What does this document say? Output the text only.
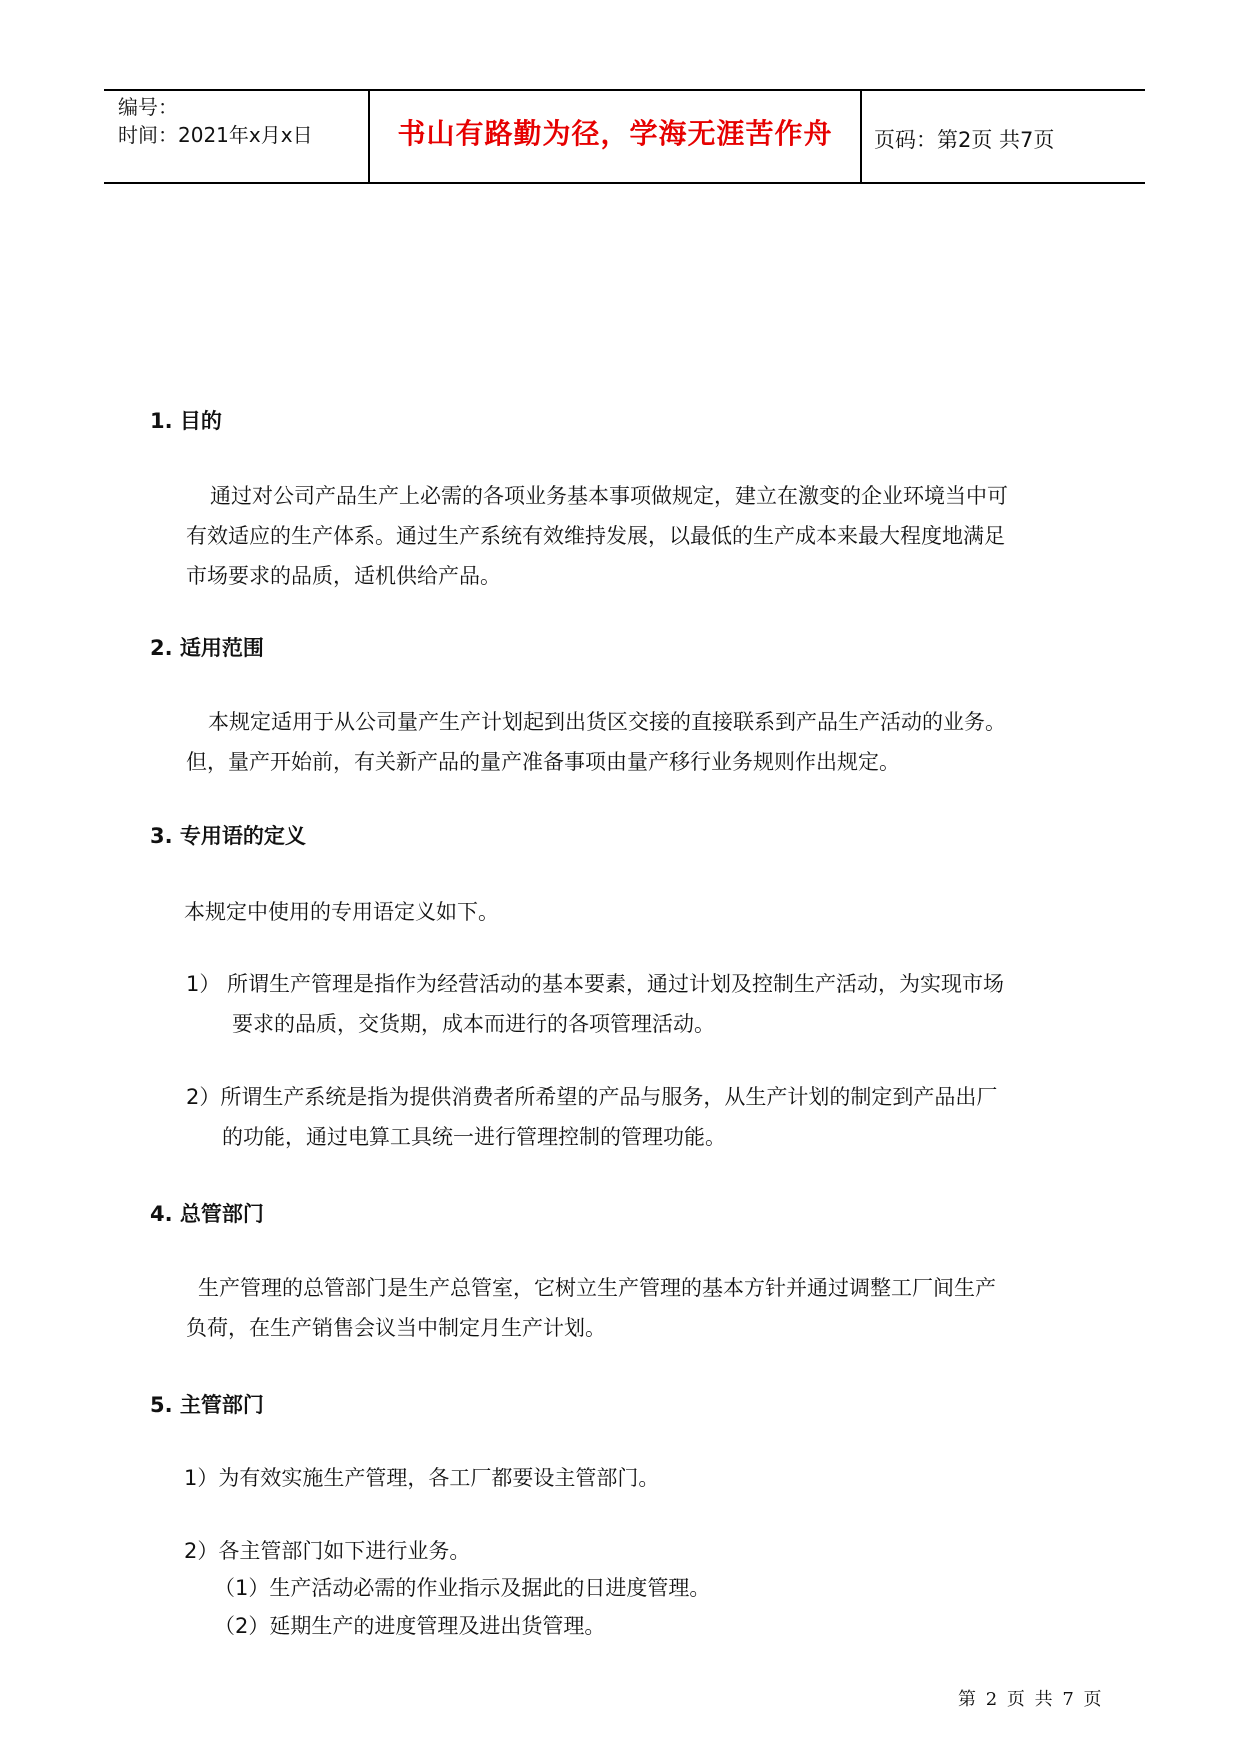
编号：
时间：2021年x月x日	书山有路勤为径，学海无涯苦作舟	页码：第2页 共7页
1. 目的
通过对公司产品生产上必需的各项业务基本事项做规定，建立在激变的企业环境当中可
有效适应的生产体系。通过生产系统有效维持发展，以最低的生产成本来最大程度地满足
市场要求的品质，适机供给产品。
2. 适用范围
本规定适用于从公司量产生产计划起到出货区交接的直接联系到产品生产活动的业务。
但，量产开始前，有关新产品的量产准备事项由量产移行业务规则作出规定。
3. 专用语的定义
本规定中使用的专用语定义如下。
1） 所谓生产管理是指作为经营活动的基本要素，通过计划及控制生产活动，为实现市场
要求的品质，交货期，成本而进行的各项管理活动。
2）所谓生产系统是指为提供消费者所希望的产品与服务，从生产计划的制定到产品出厂
的功能，通过电算工具统一进行管理控制的管理功能。
4. 总管部门
生产管理的总管部门是生产总管室，它树立生产管理的基本方针并通过调整工厂间生产
负荷，在生产销售会议当中制定月生产计划。
5. 主管部门
1）为有效实施生产管理，各工厂都要设主管部门。
2）各主管部门如下进行业务。
（1）生产活动必需的作业指示及据此的日进度管理。
（2）延期生产的进度管理及进出货管理。
第 2 页 共 7 页
